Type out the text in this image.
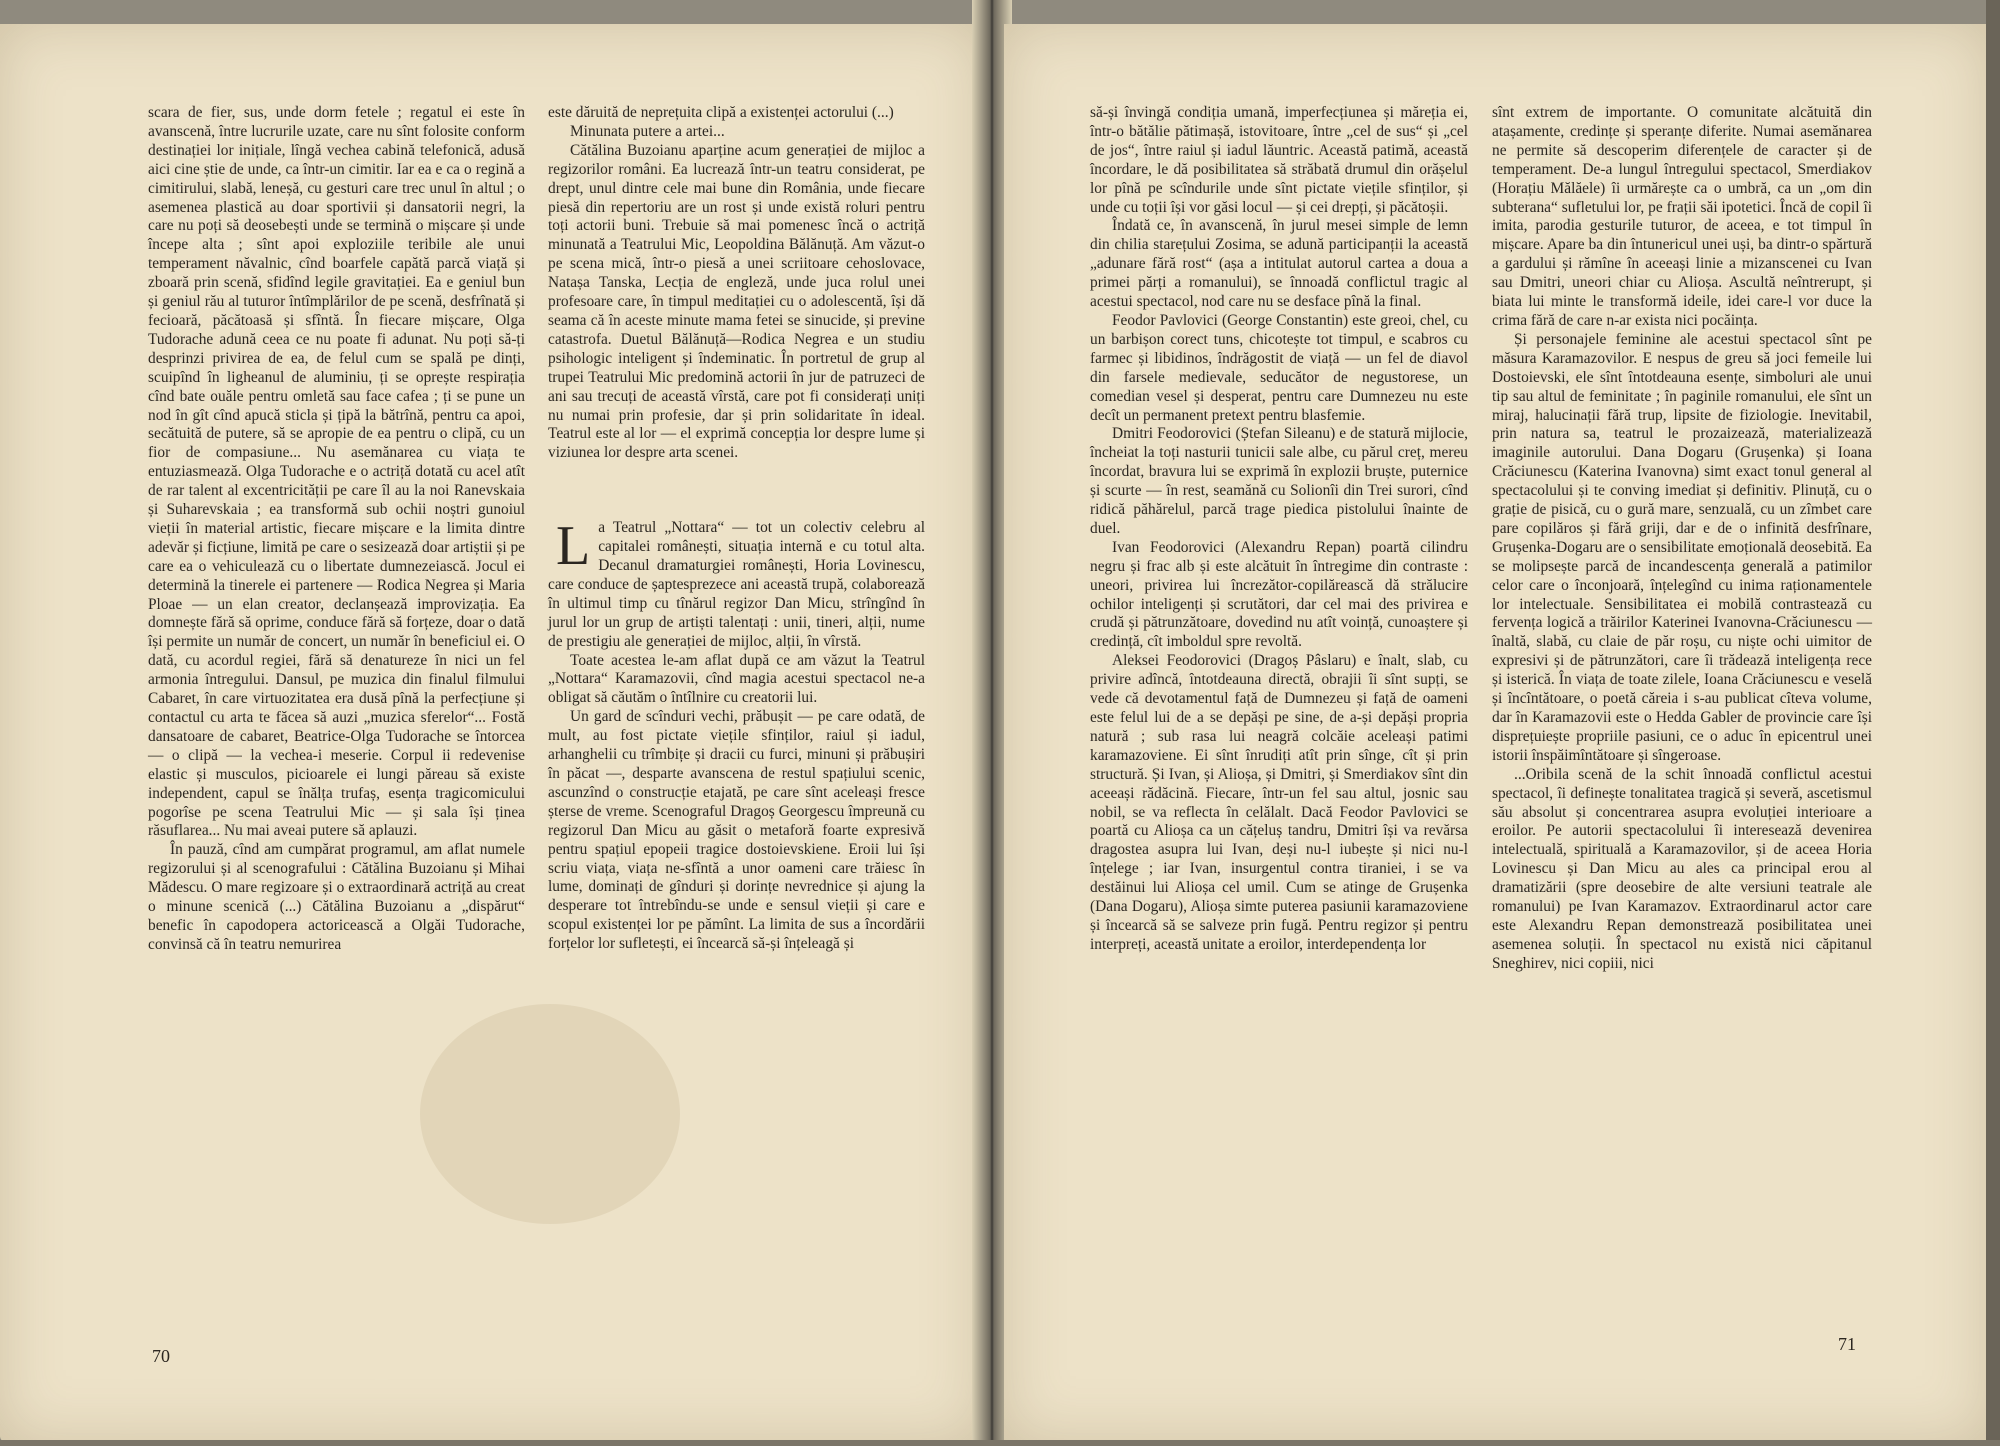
scara de fier, sus, unde dorm fetele ; regatul ei este în avanscenă, între lucrurile uzate, care nu sînt folosite conform destinației lor inițiale, lîngă vechea cabină telefonică, adusă aici cine știe de unde, ca într-un cimitir. Iar ea e ca o regină a cimitirului, slabă, leneșă, cu gesturi care trec unul în altul ; o asemenea plastică au doar sportivii și dansatorii negri, la care nu poți să deosebești unde se termină o mișcare și unde începe alta ; sînt apoi exploziile teribile ale unui temperament năvalnic, cînd boarfele capătă parcă viață și zboară prin scenă, sfidînd legile gravitației. Ea e geniul bun și geniul rău al tuturor întîmplărilor de pe scenă, desfrînată și fecioară, păcătoasă și sfîntă. În fiecare mișcare, Olga Tudorache adună ceea ce nu poate fi adunat. Nu poți să-ți desprinzi privirea de ea, de felul cum se spală pe dinți, scuipînd în ligheanul de aluminiu, ți se oprește respirația cînd bate ouăle pentru omletă sau face cafea ; ți se pune un nod în gît cînd apucă sticla și țipă la bătrînă, pentru ca apoi, secătuită de putere, să se apropie de ea pentru o clipă, cu un fior de compasiune... Nu asemănarea cu viața te entuziasmează. Olga Tudorache e o actriță dotată cu acel atît de rar talent al excentricității pe care îl au la noi Ranevskaia și Suharevskaia ; ea transformă sub ochii noștri gunoiul vieții în material artistic, fiecare mișcare e la limita dintre adevăr și ficțiune, limită pe care o sesizează doar artiștii și pe care ea o vehiculează cu o libertate dumnezeiască. Jocul ei determină la tinerele ei partenere — Rodica Negrea și Maria Ploae — un elan creator, declanșează improvizația. Ea domnește fără să oprime, conduce fără să forțeze, doar o dată își permite un număr de concert, un număr în beneficiul ei. O dată, cu acordul regiei, fără să denatureze în nici un fel armonia întregului. Dansul, pe muzica din finalul filmului Cabaret, în care virtuozitatea era dusă pînă la perfecțiune și contactul cu arta te făcea să auzi „muzica sferelor“... Fostă dansatoare de cabaret, Beatrice-Olga Tudorache se întorcea — o clipă — la vechea-i meserie. Corpul ii redevenise elastic și musculos, picioarele ei lungi păreau să existe independent, capul se înălța trufaș, esența tragicomicului pogorîse pe scena Teatrului Mic — și sala își ținea răsuflarea... Nu mai aveai putere să aplauzi.

În pauză, cînd am cumpărat programul, am aflat numele regizorului și al scenografului : Cătălina Buzoianu și Mihai Mădescu. O mare regizoare și o extraordinară actriță au creat o minune scenică (...) Cătălina Buzoianu a „dispărut“ benefic în capodopera actoricească a Olgăi Tudorache, convinsă că în teatru nemurirea

este dăruită de neprețuita clipă a existenței actorului (...)

Minunata putere a artei...

Cătălina Buzoianu aparține acum generației de mijloc a regizorilor români. Ea lucrează într-un teatru considerat, pe drept, unul dintre cele mai bune din România, unde fiecare piesă din repertoriu are un rost și unde există roluri pentru toți actorii buni. Trebuie să mai pomenesc încă o actriță minunată a Teatrului Mic, Leopoldina Bălănuță. Am văzut-o pe scena mică, într-o piesă a unei scriitoare cehoslovace, Natașa Tanska, Lecția de engleză, unde juca rolul unei profesoare care, în timpul meditației cu o adolescentă, își dă seama că în aceste minute mama fetei se sinucide, și previne catastrofa. Duetul Bălănuță—Rodica Negrea e un studiu psihologic inteligent și îndeminatic. În portretul de grup al trupei Teatrului Mic predomină actorii în jur de patruzeci de ani sau trecuți de această vîrstă, care pot fi considerați uniți nu numai prin profesie, dar și prin solidaritate în ideal. Teatrul este al lor — el exprimă concepția lor despre lume și viziunea lor despre arta scenei.

L a Teatrul „Nottara“ — tot un colectiv celebru al capitalei românești, situația internă e cu totul alta. Decanul dramaturgiei românești, Horia Lovinescu, care conduce de șaptesprezece ani această trupă, colaborează în ultimul timp cu tînărul regizor Dan Micu, strîngînd în jurul lor un grup de artiști talentați : unii, tineri, alții, nume de prestigiu ale generației de mijloc, alții, în vîrstă.

Toate acestea le-am aflat după ce am văzut la Teatrul „Nottara“ Karamazovii, cînd magia acestui spectacol ne-a obligat să căutăm o întîlnire cu creatorii lui.

Un gard de scînduri vechi, prăbușit — pe care odată, de mult, au fost pictate viețile sfinților, raiul și iadul, arhanghelii cu trîmbițe și dracii cu furci, minuni și prăbușiri în păcat —, desparte avanscena de restul spațiului scenic, ascunzînd o construcție etajată, pe care sînt aceleași fresce șterse de vreme. Scenograful Dragoș Georgescu împreună cu regizorul Dan Micu au găsit o metaforă foarte expresivă pentru spațiul epopeii tragice dostoievskiene. Eroii lui își scriu viața, viața ne-sfîntă a unor oameni care trăiesc în lume, dominați de gînduri și dorințe nevrednice și ajung la desperare tot întrebîndu-se unde e sensul vieții și care e scopul existenței lor pe pămînt. La limita de sus a încordării forțelor lor sufletești, ei încearcă să-și înțeleagă și

70

să-și învingă condiția umană, imperfecțiunea și măreția ei, într-o bătălie pătimașă, istovitoare, între „cel de sus“ și „cel de jos“, între raiul și iadul lăuntric. Această patimă, această încordare, le dă posibilitatea să străbată drumul din orășelul lor pînă pe scîndurile unde sînt pictate viețile sfinților, și unde cu toții își vor găsi locul — și cei drepți, și păcătoșii.

Îndată ce, în avanscenă, în jurul mesei simple de lemn din chilia starețului Zosima, se adună participanții la această „adunare fără rost“ (așa a intitulat autorul cartea a doua a primei părți a romanului), se înnoadă conflictul tragic al acestui spectacol, nod care nu se desface pînă la final.

Feodor Pavlovici (George Constantin) este greoi, chel, cu un barbișon corect tuns, chicotește tot timpul, e scabros cu farmec și libidinos, îndrăgostit de viață — un fel de diavol din farsele medievale, seducător de negustorese, un comedian vesel și desperat, pentru care Dumnezeu nu este decît un permanent pretext pentru blasfemie.

Dmitri Feodorovici (Ștefan Sileanu) e de statură mijlocie, încheiat la toți nasturii tunicii sale albe, cu părul creț, mereu încordat, bravura lui se exprimă în explozii bruște, puternice și scurte — în rest, seamănă cu Solionîi din Trei surori, cînd ridică păhărelul, parcă trage piedica pistolului înainte de duel.

Ivan Feodorovici (Alexandru Repan) poartă cilindru negru și frac alb și este alcătuit în întregime din contraste : uneori, privirea lui încrezător-copilărească dă strălucire ochilor inteligenți și scrutători, dar cel mai des privirea e crudă și pătrunzătoare, dovedind nu atît voință, cunoaștere și credință, cît imboldul spre revoltă.

Aleksei Feodorovici (Dragoș Pâslaru) e înalt, slab, cu privire adîncă, întotdeauna directă, obrajii îi sînt supți, se vede că devotamentul față de Dumnezeu și față de oameni este felul lui de a se depăși pe sine, de a-și depăși propria natură ; sub rasa lui neagră colcăie aceleași patimi karamazoviene. Ei sînt înrudiți atît prin sînge, cît și prin structură. Și Ivan, și Alioșa, și Dmitri, și Smerdiakov sînt din aceeași rădăcină. Fiecare, într-un fel sau altul, josnic sau nobil, se va reflecta în celălalt. Dacă Feodor Pavlovici se poartă cu Alioșa ca un cățeluș tandru, Dmitri își va revărsa dragostea asupra lui Ivan, deși nu-l iubește și nici nu-l înțelege ; iar Ivan, insurgentul contra tiraniei, i se va destăinui lui Alioșa cel umil. Cum se atinge de Grușenka (Dana Dogaru), Alioșa simte puterea pasiunii karamazoviene și încearcă să se salveze prin fugă. Pentru regizor și pentru interpreți, această unitate a eroilor, interdependența lor

sînt extrem de importante. O comunitate alcătuită din atașamente, credințe și speranțe diferite. Numai asemănarea ne permite să descoperim diferențele de caracter și de temperament. De-a lungul întregului spectacol, Smerdiakov (Horațiu Mălăele) îi urmărește ca o umbră, ca un „om din subterana“ sufletului lor, pe frații săi ipotetici. Încă de copil îi imita, parodia gesturile tuturor, de aceea, e tot timpul în mișcare. Apare ba din întunericul unei uși, ba dintr-o spărtură a gardului și rămîne în aceeași linie a mizanscenei cu Ivan sau Dmitri, uneori chiar cu Alioșa. Ascultă neîntrerupt, și biata lui minte le transformă ideile, idei care-l vor duce la crima fără de care n-ar exista nici pocăința.

Și personajele feminine ale acestui spectacol sînt pe măsura Karamazovilor. E nespus de greu să joci femeile lui Dostoievski, ele sînt întotdeauna esențe, simboluri ale unui tip sau altul de feminitate ; în paginile romanului, ele sînt un miraj, halucinații fără trup, lipsite de fiziologie. Inevitabil, prin natura sa, teatrul le prozaizează, materializează imaginile autorului. Dana Dogaru (Grușenka) și Ioana Crăciunescu (Katerina Ivanovna) simt exact tonul general al spectacolului și te conving imediat și definitiv. Plinuță, cu o grație de pisică, cu o gură mare, senzuală, cu un zîmbet care pare copilăros și fără griji, dar e de o infinită desfrînare, Grușenka-Dogaru are o sensibilitate emoțională deosebită. Ea se molipsește parcă de incandescența generală a patimilor celor care o înconjoară, înțelegînd cu inima raționamentele lor intelectuale. Sensibilitatea ei mobilă contrastează cu fervența logică a trăirilor Katerinei Ivanovna-Crăciunescu — înaltă, slabă, cu claie de păr roșu, cu niște ochi uimitor de expresivi și de pătrunzători, care îi trădează inteligența rece și isterică. În viața de toate zilele, Ioana Crăciunescu e veselă și încîntătoare, o poetă căreia i s-au publicat cîteva volume, dar în Karamazovii este o Hedda Gabler de provincie care își disprețuiește propriile pasiuni, ce o aduc în epicentrul unei istorii înspăimîntătoare și sîngeroase.

...Oribila scenă de la schit înnoadă conflictul acestui spectacol, îi definește tonalitatea tragică și severă, ascetismul său absolut și concentrarea asupra evoluției interioare a eroilor. Pe autorii spectacolului îi interesează devenirea intelectuală, spirituală a Karamazovilor, și de aceea Horia Lovinescu și Dan Micu au ales ca principal erou al dramatizării (spre deosebire de alte versiuni teatrale ale romanului) pe Ivan Karamazov. Extraordinarul actor care este Alexandru Repan demonstrează posibilitatea unei asemenea soluții. În spectacol nu există nici căpitanul Sneghirev, nici copiii, nici

71
